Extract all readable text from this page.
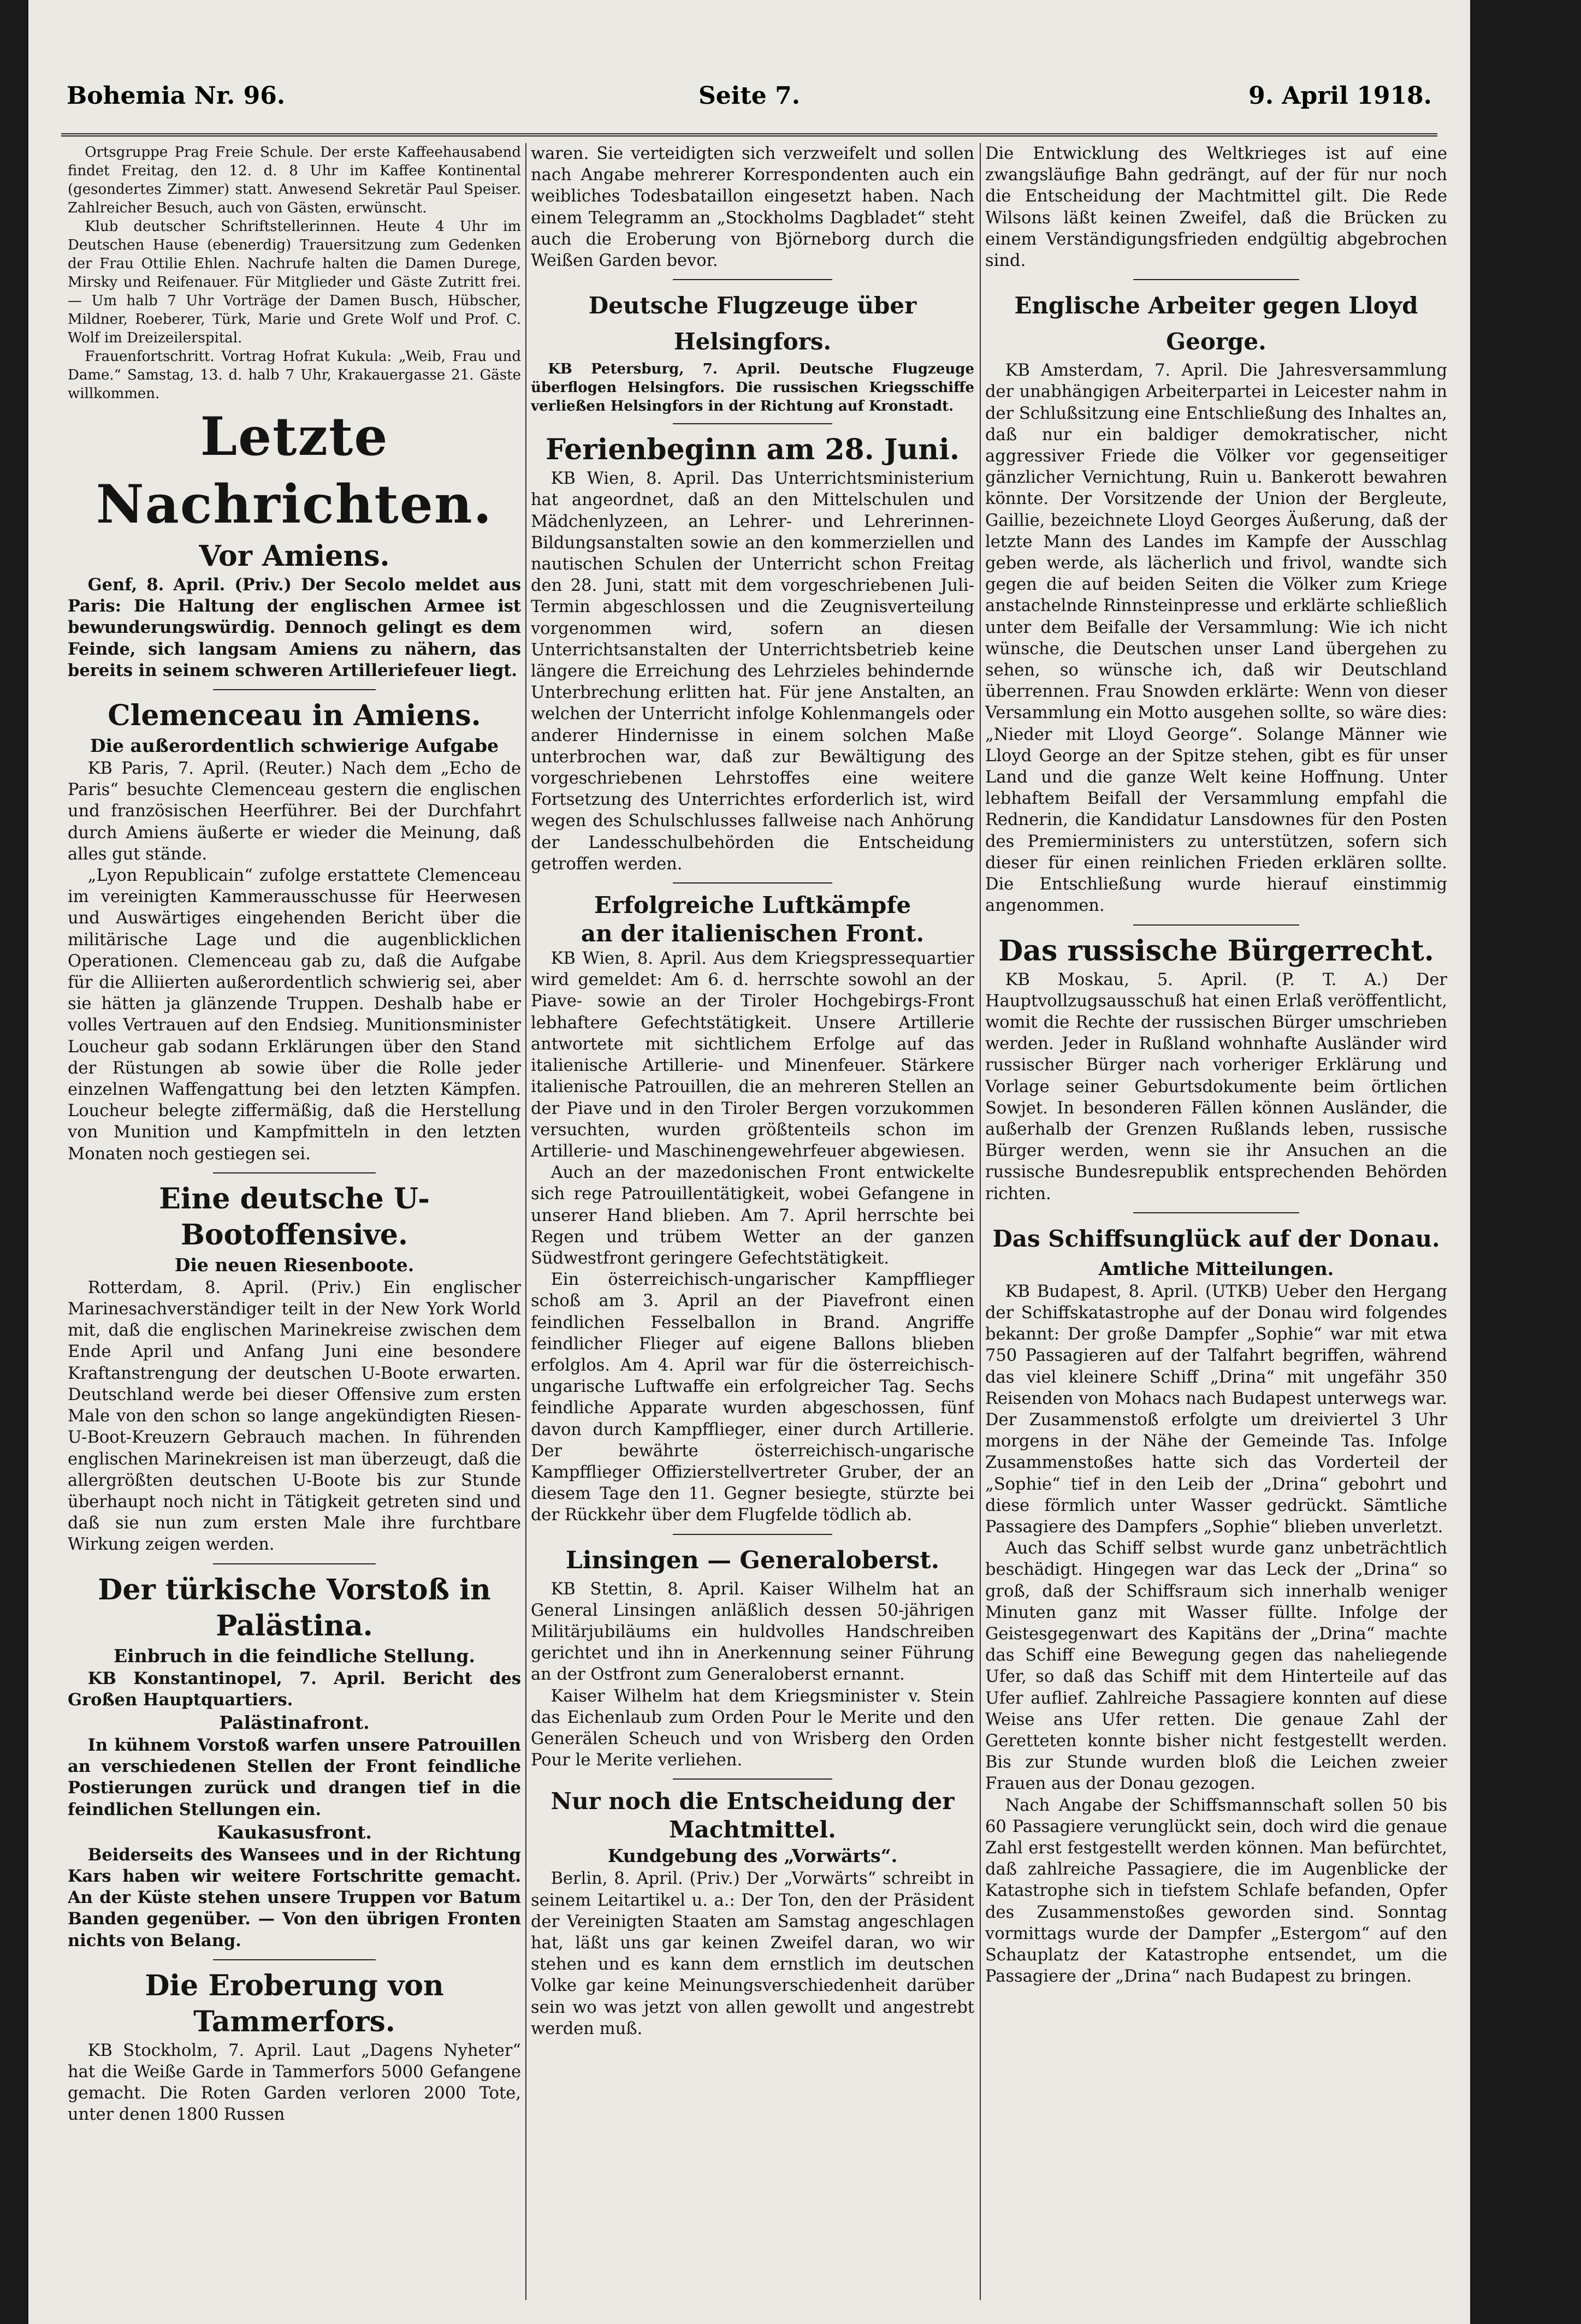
Bohemia Nr. 96.	Seite 7.	9. April 1918.

Ortsgruppe Prag Freie Schule. Der erste Kaffeehausabend findet Freitag, den 12. d. 8 Uhr im Kaffee Kontinental (gesondertes Zimmer) statt. Anwesend Sekretär Paul Speiser. Zahlreicher Besuch, auch von Gästen, erwünscht.

Klub deutscher Schriftstellerinnen. Heute 4 Uhr im Deutschen Hause (ebenerdig) Trauersitzung zum Gedenken der Frau Ottilie Ehlen. Nachrufe halten die Damen Durege, Mirsky und Reifenauer. Für Mitglieder und Gäste Zutritt frei. — Um halb 7 Uhr Vorträge der Damen Busch, Hübscher, Mildner, Roeberer, Türk, Marie und Grete Wolf und Prof. C. Wolf im Dreizeilerspital.

Frauenfortschritt. Vortrag Hofrat Kukula: „Weib, Frau und Dame.“ Samstag, 13. d. halb 7 Uhr, Krakauergasse 21. Gäste willkommen.

Letzte Nachrichten.
Vor Amiens.

Genf, 8. April. (Priv.) Der Secolo meldet aus Paris: Die Haltung der englischen Armee ist bewunderungswürdig. Dennoch gelingt es dem Feinde, sich langsam Amiens zu nähern, das bereits in seinem schweren Artilleriefeuer liegt.

Clemenceau in Amiens.
Die außerordentlich schwierige Aufgabe

KB Paris, 7. April. (Reuter.) Nach dem „Echo de Paris“ besuchte Clemenceau gestern die englischen und französischen Heerführer. Bei der Durchfahrt durch Amiens äußerte er wieder die Meinung, daß alles gut stände.

„Lyon Republicain“ zufolge erstattete Clemenceau im vereinigten Kammerausschusse für Heerwesen und Auswärtiges eingehenden Bericht über die militärische Lage und die augenblicklichen Operationen. Clemenceau gab zu, daß die Aufgabe für die Alliierten außerordentlich schwierig sei, aber sie hätten ja glänzende Truppen. Deshalb habe er volles Vertrauen auf den Endsieg. Munitionsminister Loucheur gab sodann Erklärungen über den Stand der Rüstungen ab sowie über die Rolle jeder einzelnen Waffengattung bei den letzten Kämpfen. Loucheur belegte ziffermäßig, daß die Herstellung von Munition und Kampfmitteln in den letzten Monaten noch gestiegen sei.

Eine deutsche U-Bootoffensive.
Die neuen Riesenboote.

Rotterdam, 8. April. (Priv.) Ein englischer Marinesachverständiger teilt in der New York World mit, daß die englischen Marinekreise zwischen dem Ende April und Anfang Juni eine besondere Kraftanstrengung der deutschen U-Boote erwarten. Deutschland werde bei dieser Offensive zum ersten Male von den schon so lange angekündigten Riesen-U-Boot-Kreuzern Gebrauch machen. In führenden englischen Marinekreisen ist man überzeugt, daß die allergrößten deutschen U-Boote bis zur Stunde überhaupt noch nicht in Tätigkeit getreten sind und daß sie nun zum ersten Male ihre furchtbare Wirkung zeigen werden.

Der türkische Vorstoß in Palästina.
Einbruch in die feindliche Stellung.

KB Konstantinopel, 7. April. Bericht des Großen Hauptquartiers.

Palästinafront.

In kühnem Vorstoß warfen unsere Patrouillen an verschiedenen Stellen der Front feindliche Postierungen zurück und drangen tief in die feindlichen Stellungen ein.

Kaukasusfront.

Beiderseits des Wansees und in der Richtung Kars haben wir weitere Fortschritte gemacht. An der Küste stehen unsere Truppen vor Batum Banden gegenüber. — Von den übrigen Fronten nichts von Belang.

Die Eroberung von Tammerfors.

KB Stockholm, 7. April. Laut „Dagens Nyheter“ hat die Weiße Garde in Tammerfors 5000 Gefangene gemacht. Die Roten Garden verloren 2000 Tote, unter denen 1800 Russen

waren. Sie verteidigten sich verzweifelt und sollen nach Angabe mehrerer Korrespondenten auch ein weibliches Todesbataillon eingesetzt haben. Nach einem Telegramm an „Stockholms Dagbladet“ steht auch die Eroberung von Björneborg durch die Weißen Garden bevor.

Deutsche Flugzeuge über Helsingfors.

KB Petersburg, 7. April. Deutsche Flugzeuge überflogen Helsingfors. Die russischen Kriegsschiffe verließen Helsingfors in der Richtung auf Kronstadt.

Ferienbeginn am 28. Juni.

KB Wien, 8. April. Das Unterrichtsministerium hat angeordnet, daß an den Mittelschulen und Mädchenlyzeen, an Lehrer- und Lehrerinnen-Bildungsanstalten sowie an den kommerziellen und nautischen Schulen der Unterricht schon Freitag den 28. Juni, statt mit dem vorgeschriebenen Juli-Termin abgeschlossen und die Zeugnisverteilung vorgenommen wird, sofern an diesen Unterrichtsanstalten der Unterrichtsbetrieb keine längere die Erreichung des Lehrzieles behindernde Unterbrechung erlitten hat. Für jene Anstalten, an welchen der Unterricht infolge Kohlenmangels oder anderer Hindernisse in einem solchen Maße unterbrochen war, daß zur Bewältigung des vorgeschriebenen Lehrstoffes eine weitere Fortsetzung des Unterrichtes erforderlich ist, wird wegen des Schulschlusses fallweise nach Anhörung der Landesschulbehörden die Entscheidung getroffen werden.

Erfolgreiche Luftkämpfe
an der italienischen Front.

KB Wien, 8. April. Aus dem Kriegspressequartier wird gemeldet: Am 6. d. herrschte sowohl an der Piave- sowie an der Tiroler Hochgebirgs-Front lebhaftere Gefechtstätigkeit. Unsere Artillerie antwortete mit sichtlichem Erfolge auf das italienische Artillerie- und Minenfeuer. Stärkere italienische Patrouillen, die an mehreren Stellen an der Piave und in den Tiroler Bergen vorzukommen versuchten, wurden größtenteils schon im Artillerie- und Maschinengewehrfeuer abgewiesen.

Auch an der mazedonischen Front entwickelte sich rege Patrouillentätigkeit, wobei Gefangene in unserer Hand blieben. Am 7. April herrschte bei Regen und trübem Wetter an der ganzen Südwestfront geringere Gefechtstätigkeit.

Ein österreichisch-ungarischer Kampfflieger schoß am 3. April an der Piavefront einen feindlichen Fesselballon in Brand. Angriffe feindlicher Flieger auf eigene Ballons blieben erfolglos. Am 4. April war für die österreichisch-ungarische Luftwaffe ein erfolgreicher Tag. Sechs feindliche Apparate wurden abgeschossen, fünf davon durch Kampfflieger, einer durch Artillerie. Der bewährte österreichisch-ungarische Kampfflieger Offizierstellvertreter Gruber, der an diesem Tage den 11. Gegner besiegte, stürzte bei der Rückkehr über dem Flugfelde tödlich ab.

Linsingen — Generaloberst.

KB Stettin, 8. April. Kaiser Wilhelm hat an General Linsingen anläßlich dessen 50-jährigen Militärjubiläums ein huldvolles Handschreiben gerichtet und ihn in Anerkennung seiner Führung an der Ostfront zum Generaloberst ernannt.

Kaiser Wilhelm hat dem Kriegsminister v. Stein das Eichenlaub zum Orden Pour le Merite und den Generälen Scheuch und von Wrisberg den Orden Pour le Merite verliehen.

Nur noch die Entscheidung der
Machtmittel.
Kundgebung des „Vorwärts“.

Berlin, 8. April. (Priv.) Der „Vorwärts“ schreibt in seinem Leitartikel u. a.: Der Ton, den der Präsident der Vereinigten Staaten am Samstag angeschlagen hat, läßt uns gar keinen Zweifel daran, wo wir stehen und es kann dem ernstlich im deutschen Volke gar keine Meinungsverschiedenheit darüber sein wo was jetzt von allen gewollt und angestrebt werden muß.

Die Entwicklung des Weltkrieges ist auf eine zwangsläufige Bahn gedrängt, auf der für nur noch die Entscheidung der Machtmittel gilt. Die Rede Wilsons läßt keinen Zweifel, daß die Brücken zu einem Verständigungsfrieden endgültig abgebrochen sind.

Englische Arbeiter gegen Lloyd George.

KB Amsterdam, 7. April. Die Jahresversammlung der unabhängigen Arbeiterpartei in Leicester nahm in der Schlußsitzung eine Entschließung des Inhaltes an, daß nur ein baldiger demokratischer, nicht aggressiver Friede die Völker vor gegenseitiger gänzlicher Vernichtung, Ruin u. Bankerott bewahren könnte. Der Vorsitzende der Union der Bergleute, Gaillie, bezeichnete Lloyd Georges Äußerung, daß der letzte Mann des Landes im Kampfe der Ausschlag geben werde, als lächerlich und frivol, wandte sich gegen die auf beiden Seiten die Völker zum Kriege anstachelnde Rinnsteinpresse und erklärte schließlich unter dem Beifalle der Versammlung: Wie ich nicht wünsche, die Deutschen unser Land übergehen zu sehen, so wünsche ich, daß wir Deutschland überrennen. Frau Snowden erklärte: Wenn von dieser Versammlung ein Motto ausgehen sollte, so wäre dies: „Nieder mit Lloyd George“. Solange Männer wie Lloyd George an der Spitze stehen, gibt es für unser Land und die ganze Welt keine Hoffnung. Unter lebhaftem Beifall der Versammlung empfahl die Rednerin, die Kandidatur Lansdownes für den Posten des Premierministers zu unterstützen, sofern sich dieser für einen reinlichen Frieden erklären sollte. Die Entschließung wurde hierauf einstimmig angenommen.

Das russische Bürgerrecht.

KB Moskau, 5. April. (P. T. A.) Der Hauptvollzugsausschuß hat einen Erlaß veröffentlicht, womit die Rechte der russischen Bürger umschrieben werden. Jeder in Rußland wohnhafte Ausländer wird russischer Bürger nach vorheriger Erklärung und Vorlage seiner Geburtsdokumente beim örtlichen Sowjet. In besonderen Fällen können Ausländer, die außerhalb der Grenzen Rußlands leben, russische Bürger werden, wenn sie ihr Ansuchen an die russische Bundesrepublik entsprechenden Behörden richten.

Das Schiffsunglück auf der Donau.
Amtliche Mitteilungen.

KB Budapest, 8. April. (UTKB) Ueber den Hergang der Schiffskatastrophe auf der Donau wird folgendes bekannt: Der große Dampfer „Sophie“ war mit etwa 750 Passagieren auf der Talfahrt begriffen, während das viel kleinere Schiff „Drina“ mit ungefähr 350 Reisenden von Mohacs nach Budapest unterwegs war. Der Zusammenstoß erfolgte um dreiviertel 3 Uhr morgens in der Nähe der Gemeinde Tas. Infolge Zusammenstoßes hatte sich das Vorderteil der „Sophie“ tief in den Leib der „Drina“ gebohrt und diese förmlich unter Wasser gedrückt. Sämtliche Passagiere des Dampfers „Sophie“ blieben unverletzt.

Auch das Schiff selbst wurde ganz unbeträchtlich beschädigt. Hingegen war das Leck der „Drina“ so groß, daß der Schiffsraum sich innerhalb weniger Minuten ganz mit Wasser füllte. Infolge der Geistesgegenwart des Kapitäns der „Drina“ machte das Schiff eine Bewegung gegen das naheliegende Ufer, so daß das Schiff mit dem Hinterteile auf das Ufer auflief. Zahlreiche Passagiere konnten auf diese Weise ans Ufer retten. Die genaue Zahl der Geretteten konnte bisher nicht festgestellt werden. Bis zur Stunde wurden bloß die Leichen zweier Frauen aus der Donau gezogen.

Nach Angabe der Schiffsmannschaft sollen 50 bis 60 Passagiere verunglückt sein, doch wird die genaue Zahl erst festgestellt werden können. Man befürchtet, daß zahlreiche Passagiere, die im Augenblicke der Katastrophe sich in tiefstem Schlafe befanden, Opfer des Zusammenstoßes geworden sind. Sonntag vormittags wurde der Dampfer „Estergom“ auf den Schauplatz der Katastrophe entsendet, um die Passagiere der „Drina“ nach Budapest zu bringen.
